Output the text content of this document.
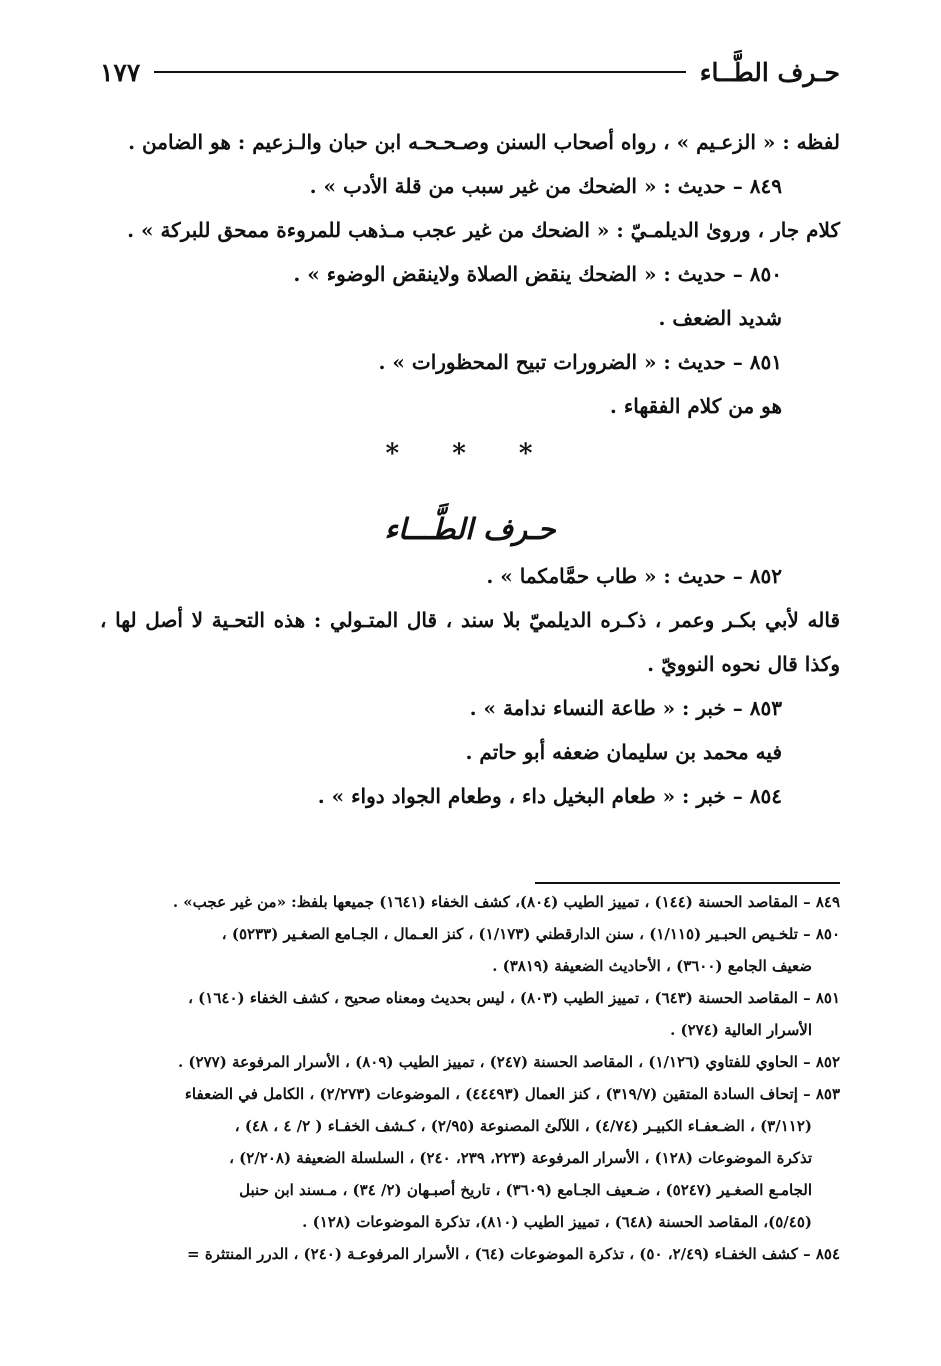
حـرف الطَّــاء
١٧٧

لفظه : « الزعـيم » ، رواه أصحاب السنن وصـحـحـه ابن حبان والـزعيم : هو الضامن .

٨٤٩ – حديث : « الضحك من غير سبب من قلة الأدب » .

كلام جار ، وروىٰ الديلمـيّ : « الضحك من غير عجب مـذهب للمروءة ممحق للبركة » .

٨٥٠ – حديث : « الضحك ينقض الصلاة ولاينقض الوضوء » .

شديد الضعف .

٨٥١ – حديث : « الضرورات تبيح المحظورات » .

هو من كلام الفقهاء .

* * *
حـرف الطَّـــاء

٨٥٢ – حديث : « طاب حمَّامكما » .

قاله لأبي بكـر وعمر ، ذكـره الديلميّ بلا سند ، قال المتـولي : هذه التحـية لا أصل لها ، وكذا قال نحوه النوويّ .

٨٥٣ – خبر : « طاعة النساء ندامة » .

فيه محمد بن سليمان ضعفه أبو حاتم .

٨٥٤ – خبر : « طعام البخيل داء ، وطعام الجواد دواء » .

٨٤٩ – المقاصد الحسنة (١٤٤) ، تمييز الطيب (٨٠٤)، كشف الخفاء (١٦٤١) جميعها بلفظ: «من غير عجب» .

٨٥٠ – تلخـيص الحبـير (١/١١٥) ، سنن الدارقطني (١/١٧٣) ، كنز العـمال ، الجـامع الصغـير (٥٢٣٣) ،

ضعيف الجامع (٣٦٠٠) ، الأحاديث الضعيفة (٣٨١٩) .

٨٥١ – المقاصد الحسنة (٦٤٣) ، تمييز الطيب (٨٠٣) ، ليس بحديث ومعناه صحيح ، كشف الخفاء (١٦٤٠) ،

الأسرار العالية (٢٧٤) .

٨٥٢ – الحاوي للفتاوي (١/١٢٦) ، المقاصد الحسنة (٢٤٧) ، تمييز الطيب (٨٠٩) ، الأسرار المرفوعة (٢٧٧) .

٨٥٣ – إتحاف السادة المتقين (٣١٩/٧) ، كنز العمال (٤٤٤٩٣) ، الموضوعات (٢/٢٧٣) ، الكامل في الضعفاء

(٣/١١٢) ، الضـعفـاء الكبيـر (٤/٧٤) ، اللآلئ المصنوعة (٢/٩٥) ، كـشف الخفـاء ( ٢/ ٤ ، ٤٨) ،

تذكرة الموضوعات (١٢٨) ، الأسرار المرفوعة (٢٢٣، ٢٣٩، ٢٤٠) ، السلسلة الضعيفة (٢/٢٠٨) ،

الجامـع الصغـير (٥٢٤٧) ، ضـعيف الجـامع (٣٦٠٩) ، تاريخ أصبـهان (٢/ ٣٤) ، مـسند ابن حنبل

(٥/٤٥)، المقاصد الحسنة (٦٤٨) ، تمييز الطيب (٨١٠)، تذكرة الموضوعات (١٢٨) .

٨٥٤ – كشف الخفـاء (٢/٤٩، ٥٠) ، تذكرة الموضوعات (٦٤) ، الأسرار المرفوعـة (٢٤٠) ، الدرر المنتثرة =
